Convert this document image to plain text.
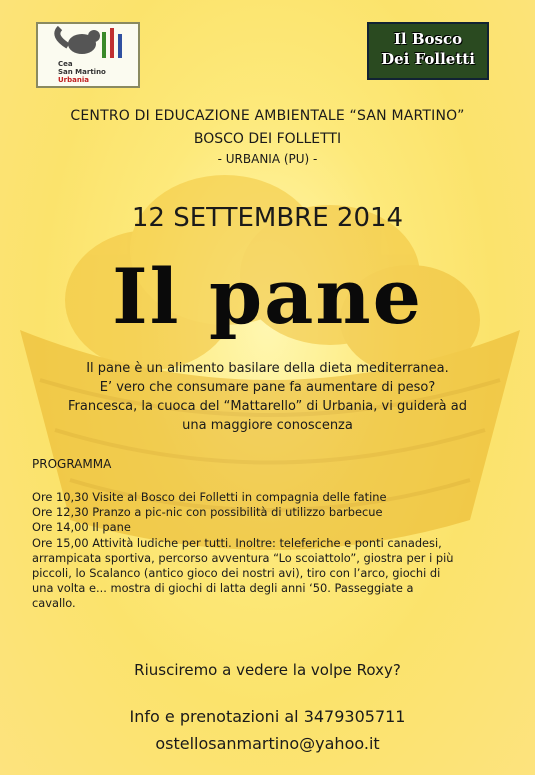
Cea
San Martino
Urbania
Il Bosco
Dei Folletti
CENTRO DI EDUCAZIONE AMBIENTALE “SAN MARTINO”
BOSCO DEI FOLLETTI
- URBANIA (PU) -
12 SETTEMBRE 2014
Il pane
Il pane è un alimento basilare della dieta mediterranea.
E’ vero che consumare pane fa aumentare di peso?
Francesca, la cuoca del “Mattarello” di Urbania, vi guiderà ad
una maggiore conoscenza
PROGRAMMA
Ore 10,30 Visite al Bosco dei Folletti in compagnia delle fatine
Ore 12,30 Pranzo a pic-nic con possibilità di utilizzo barbecue
Ore 14,00 Il pane
Ore 15,00 Attività ludiche per tutti. Inoltre: teleferiche e ponti canadesi,
arrampicata sportiva, percorso avventura “Lo scoiattolo”, giostra per i più
piccoli, lo Scalanco (antico gioco dei nostri avi), tiro con l’arco, giochi di
una volta e... mostra di giochi di latta degli anni ‘50. Passeggiate a
cavallo.
Riusciremo a vedere la volpe Roxy?
Info e prenotazioni al 3479305711
ostellosanmartino@yahoo.it
